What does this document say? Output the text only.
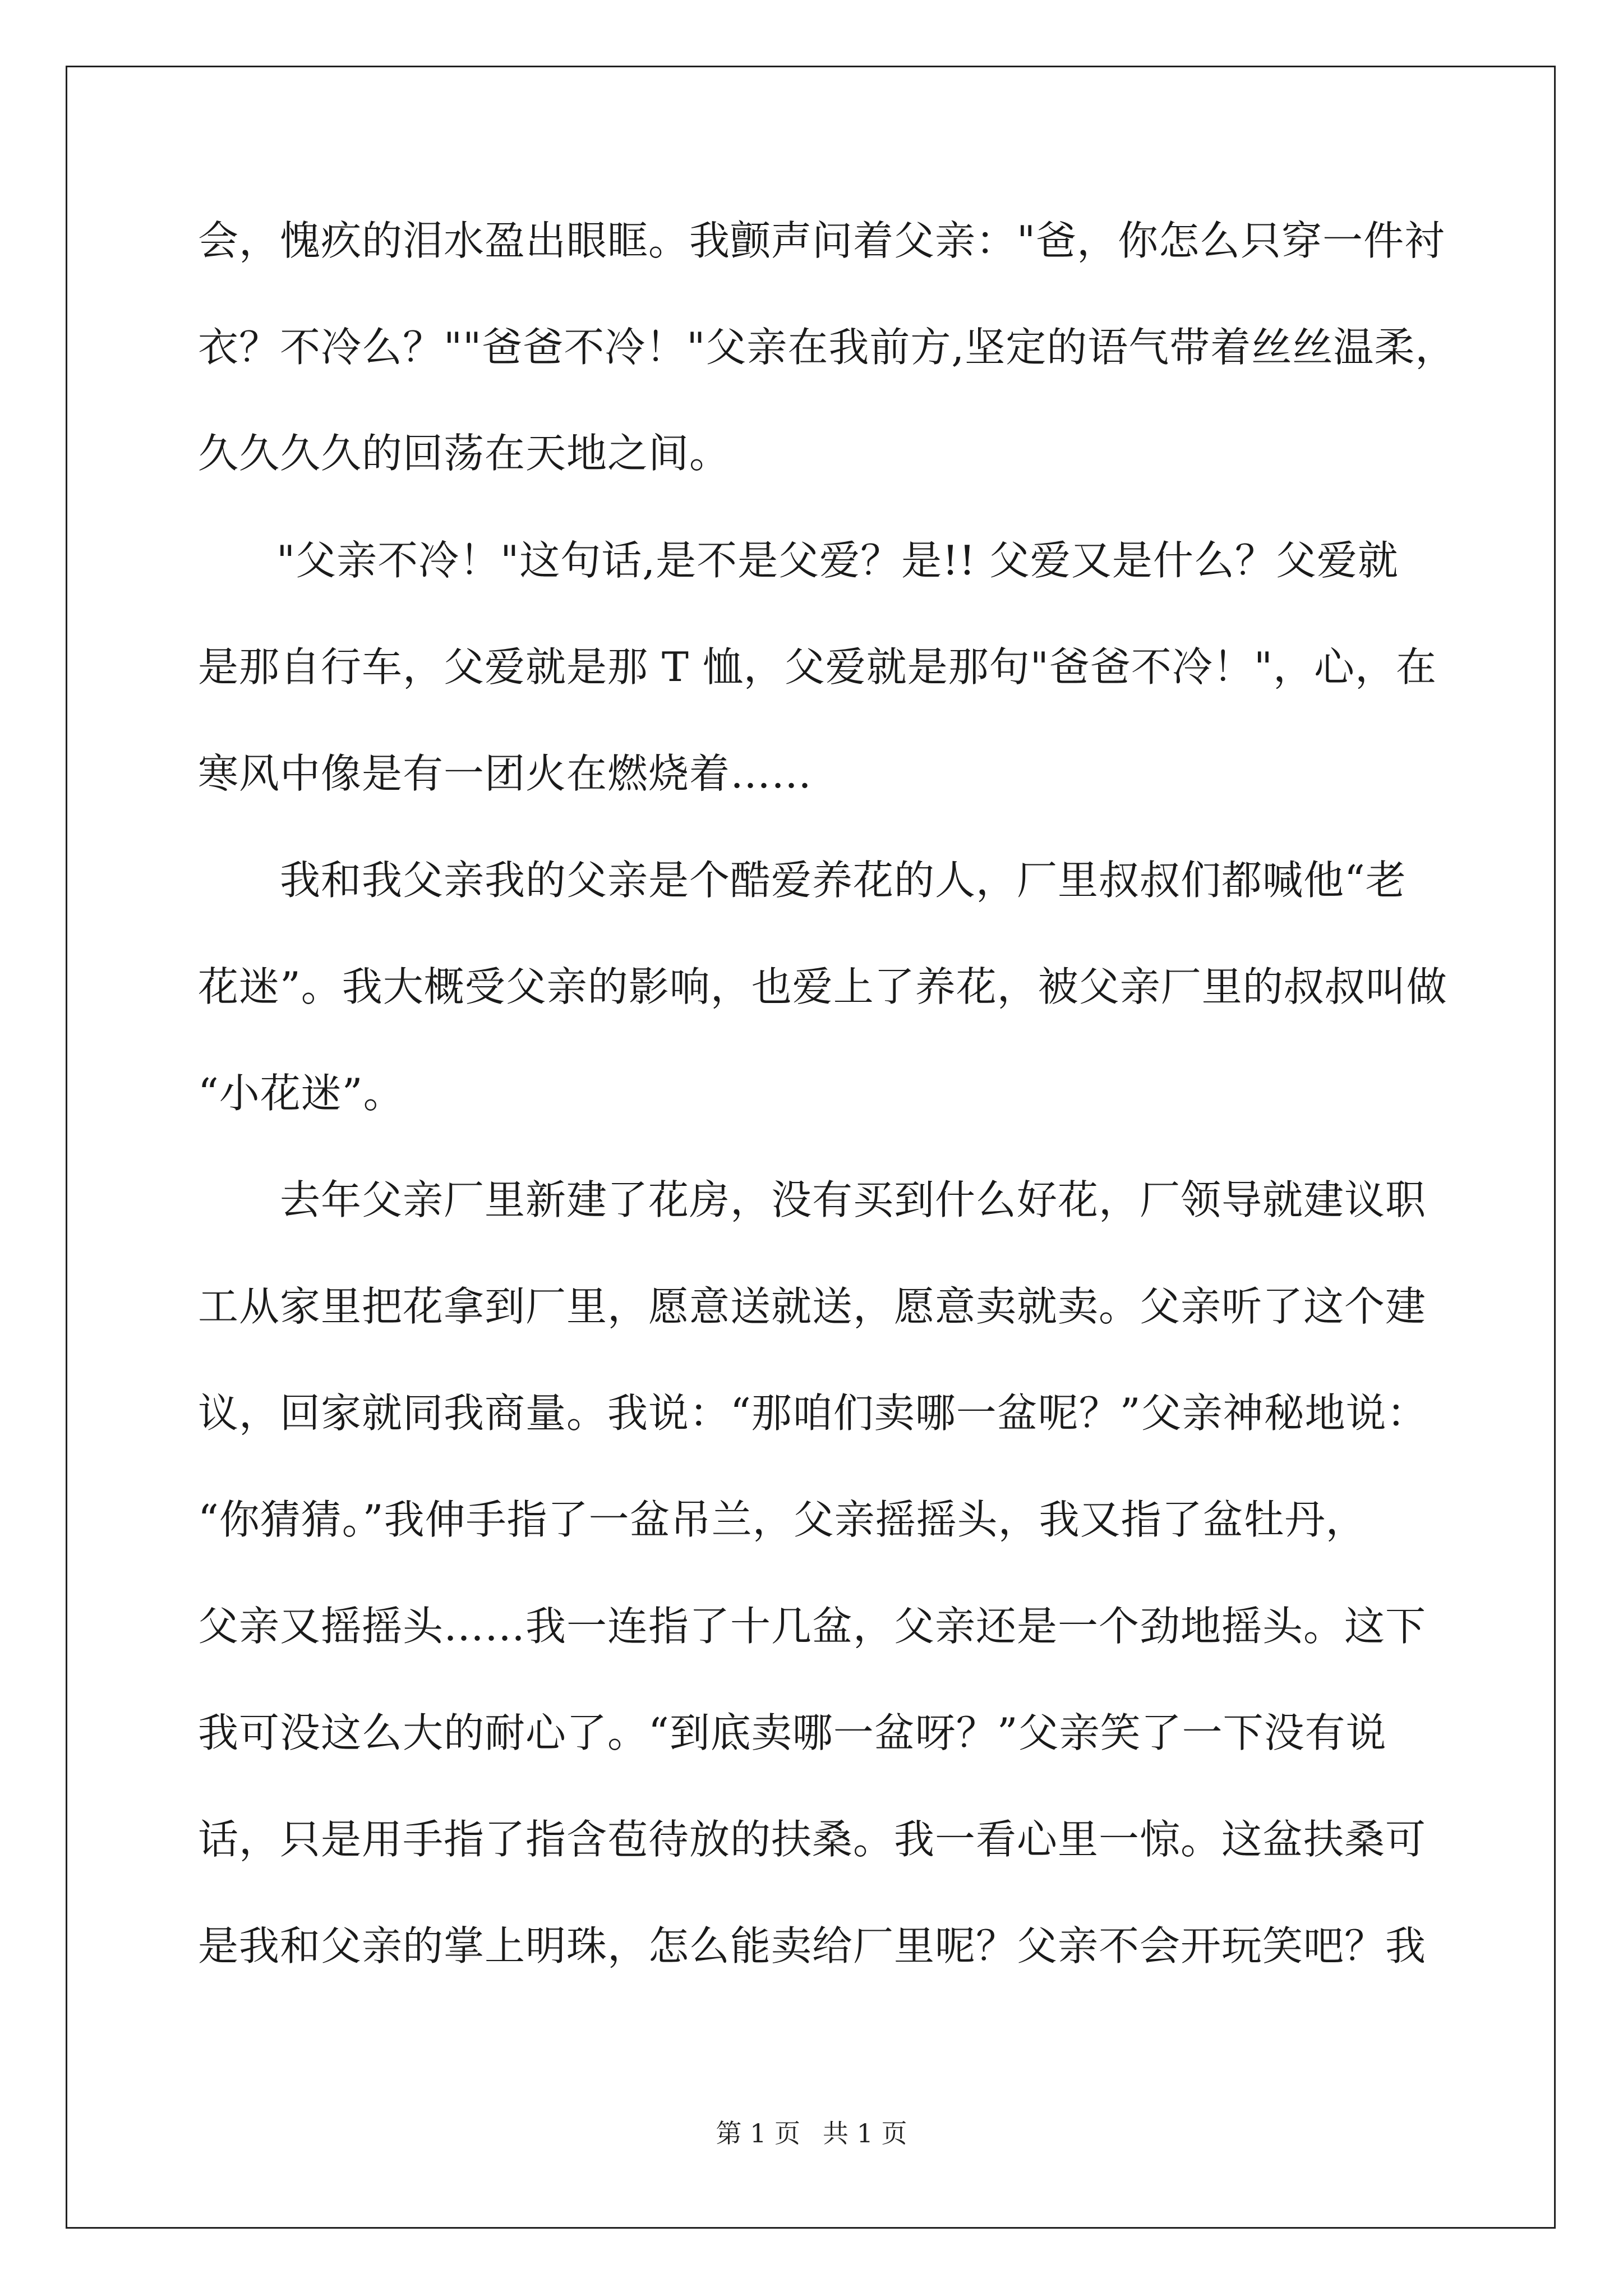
会，愧疚的泪水盈出眼眶。我颤声问着父亲："爸，你怎么只穿一件衬
衣？不冷么？""爸爸不冷！"父亲在我前方,坚定的语气带着丝丝温柔，
久久久久的回荡在天地之间。
"父亲不冷！"这句话,是不是父爱？是!! 父爱又是什么？父爱就
是那自行车，父爱就是那 T 恤，父爱就是那句"爸爸不冷！"，心，在
寒风中像是有一团火在燃烧着……
我和我父亲我的父亲是个酷爱养花的人，厂里叔叔们都喊他“老
花迷”。我大概受父亲的影响，也爱上了养花，被父亲厂里的叔叔叫做
“小花迷”。
去年父亲厂里新建了花房，没有买到什么好花，厂领导就建议职
工从家里把花拿到厂里，愿意送就送，愿意卖就卖。父亲听了这个建
议，回家就同我商量。我说：“那咱们卖哪一盆呢？”父亲神秘地说：
“你猜猜。”我伸手指了一盆吊兰，父亲摇摇头，我又指了盆牡丹，
父亲又摇摇头……我一连指了十几盆，父亲还是一个劲地摇头。这下
我可没这么大的耐心了。“到底卖哪一盆呀？”父亲笑了一下没有说
话，只是用手指了指含苞待放的扶桑。我一看心里一惊。这盆扶桑可
是我和父亲的掌上明珠，怎么能卖给厂里呢？父亲不会开玩笑吧？我
第 1 页 共 1 页
